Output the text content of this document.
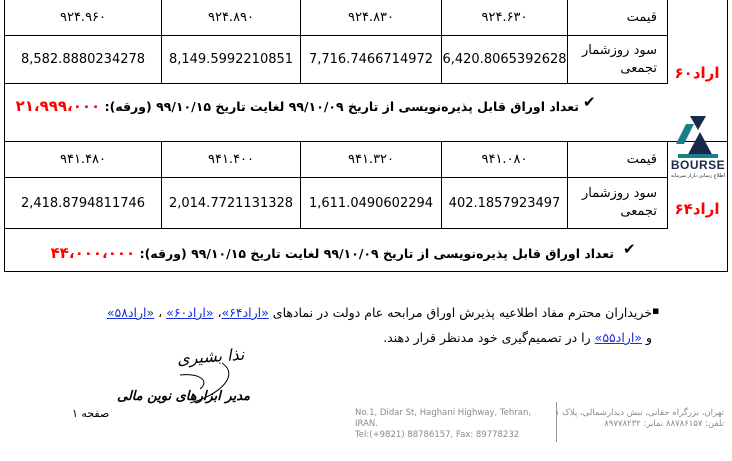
۹۲۴.۹۶۰	۹۲۴.۸۹۰	۹۲۴.۸۳۰	۹۲۴.۶۳۰	قیمت
8,582.8880234278	8,149.5992210851	7,716.7466714972	6,420.8065392628	سود روزشمار
تجمعی	اراد۶۰
✔
تعداد اوراق قابل پذیره‌نویسی از تاریخ ۹۹/۱۰/۰۹ لغایت تاریخ ۹۹/۱۰/۱۵ (ورقه): ۲۱،۹۹۹،۰۰۰
BOURSE
اطلاع رسانی بازار سرمایه
۹۴۱.۴۸۰	۹۴۱.۴۰۰	۹۴۱.۳۲۰	۹۴۱.۰۸۰	قیمت
2,418.8794811746	2,014.7721131328	1,611.0490602294	402.1857923497	سود روزشمار
تجمعی	اراد۶۴
✔
تعداد اوراق قابل پذیره‌نویسی از تاریخ ۹۹/۱۰/۰۹ لغایت تاریخ ۹۹/۱۰/۱۵ (ورقه): ۴۴،۰۰۰،۰۰۰
▪
خریداران محترم مفاد اطلاعیه پذیرش اوراق مرابحه عام دولت در نمادهای «اراد۶۴»، «اراد۶۰» ، «اراد۵۸»
و «اراد۵۵» را در تصمیم‌گیری خود مدنظر قرار دهند.
نذا بشیری
مدیر ابزارهای نوین مالی
صفحه ۱	No.1, Didar St, Haghani Highway, Tehran,
IRAN.
Tel:(+9821) 88786157, Fax: 89778232
تهران، بزرگراه حقانی، نبش دیدارشمالی، پلاک ۱
تلفن: ۸۸۷۸۶۱۵۷ نمابر: ۸۹۷۷۸۲۳۲
